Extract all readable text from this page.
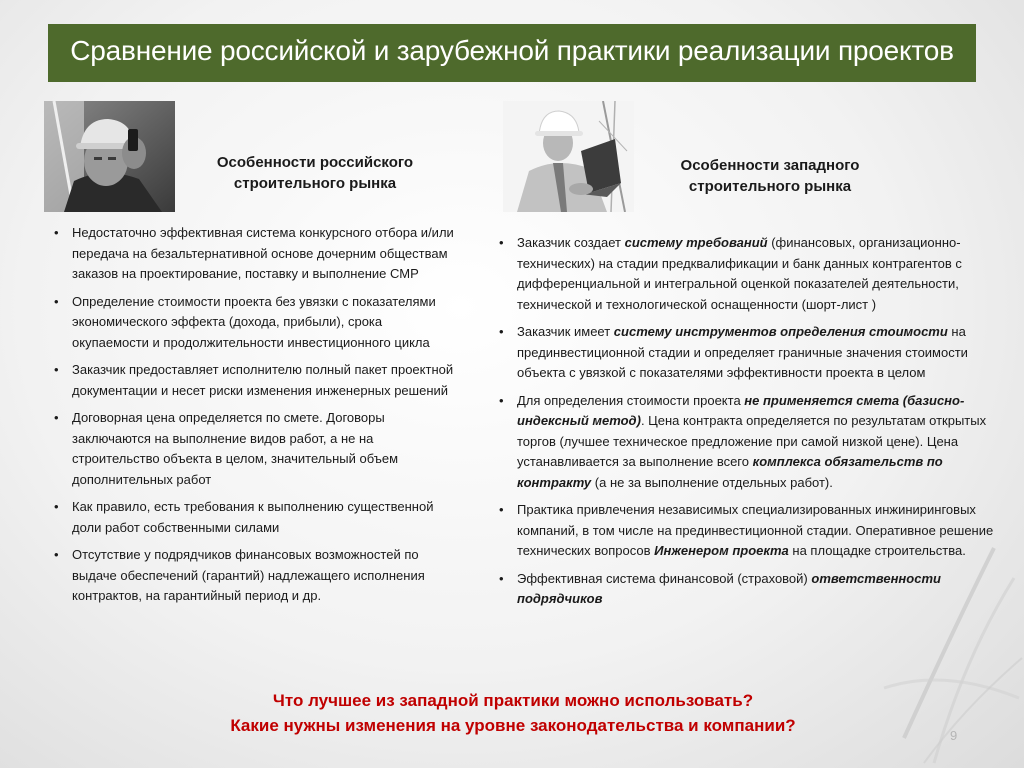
Сравнение российской и зарубежной практики реализации проектов
Особенности российского
строительного рынка
Особенности западного
строительного рынка
• Недостаточно эффективная система конкурсного отбора и/или передача на безальтернативной основе дочерним обществам заказов на проектирование, поставку и выполнение СМР
• Определение стоимости проекта без увязки с показателями экономического эффекта (дохода, прибыли), срока окупаемости и продолжительности инвестиционного цикла
• Заказчик предоставляет исполнителю полный пакет проектной документации и несет риски изменения инженерных решений
• Договорная цена определяется по смете. Договоры заключаются на выполнение видов работ, а не на строительство объекта в целом, значительный объем дополнительных работ
• Как правило, есть требования к выполнению существенной доли работ собственными силами
• Отсутствие у подрядчиков финансовых возможностей по выдаче обеспечений (гарантий) надлежащего исполнения контрактов, на гарантийный период и др.
• Заказчик создает систему требований (финансовых, организационно-технических) на стадии предквалификации и банк данных контрагентов с дифференциальной и интегральной оценкой показателей деятельности, технической и технологической оснащенности (шорт-лист )
• Заказчик имеет систему инструментов определения стоимости на прединвестиционной стадии и определяет граничные значения стоимости объекта с увязкой с показателями эффективности проекта в целом
• Для определения стоимости проекта не применяется смета (базисно-индексный метод). Цена контракта определяется по результатам открытых торгов (лучшее техническое предложение при самой низкой цене). Цена устанавливается за выполнение всего комплекса обязательств по контракту (а не за выполнение отдельных работ).
• Практика привлечения независимых специализированных инжиниринговых компаний, в том числе на прединвестиционной стадии. Оперативное решение технических вопросов Инженером проекта на площадке строительства.
• Эффективная система финансовой (страховой) ответственности подрядчиков
Что лучшее из западной практики можно использовать?
Какие нужны изменения на уровне законодательства и компании?
9
